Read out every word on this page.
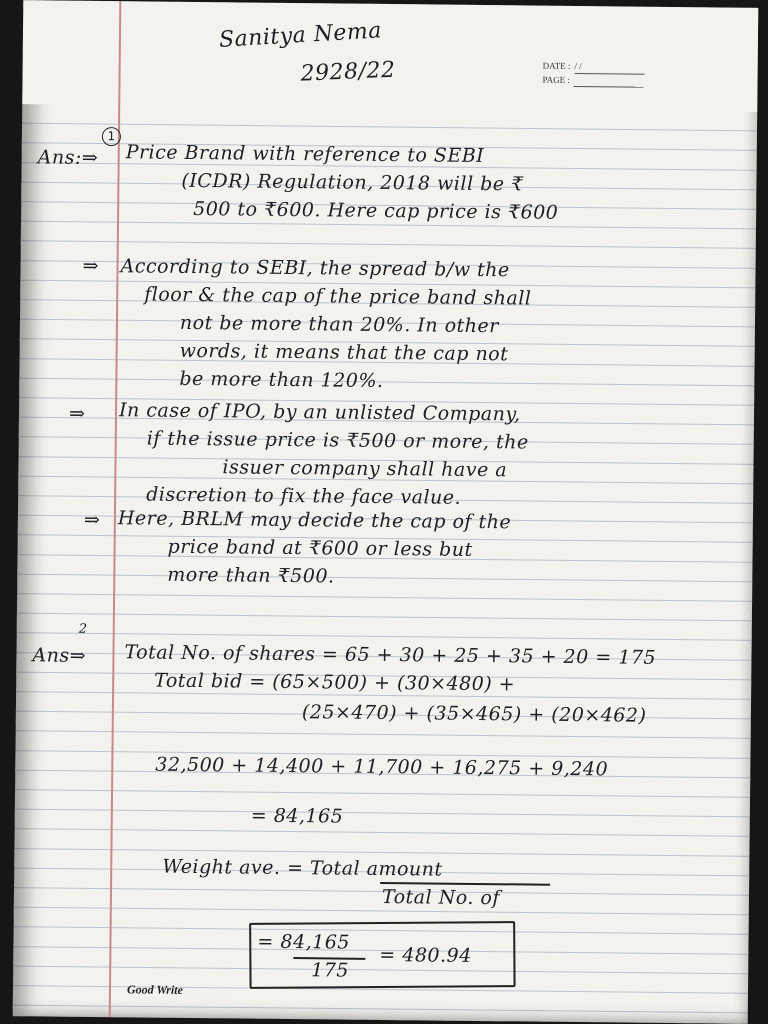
Sanitya Nema

2928/22	DATE : / /
PAGE :
1

Ans:⇒ Price Brand with reference to SEBI

(ICDR) Regulation, 2018 will be ₹

500 to ₹600. Here cap price is ₹600

⇒ According to SEBI, the spread b/w the

floor & the cap of the price band shall

not be more than 20%. In other

words, it means that the cap not

be more than 120%.

⇒ In case of IPO, by an unlisted Company,

if the issue price is ₹500 or more, the

issuer company shall have a

discretion to fix the face value.

⇒ Here, BRLM may decide the cap of the

price band at ₹600 or less but

more than ₹500.

Ans⇒

2

Total No. of shares = 65 + 30 + 25 + 35 + 20 = 175

Total bid = (65×500) + (30×480) +

(25×470) + (35×465) + (20×462)

32,500 + 14,400 + 11,700 + 16,275 + 9,240

= 84,165

Weight ave. = Total amount

Total No. of

= 84,165

175

= 480.94

Good Write
